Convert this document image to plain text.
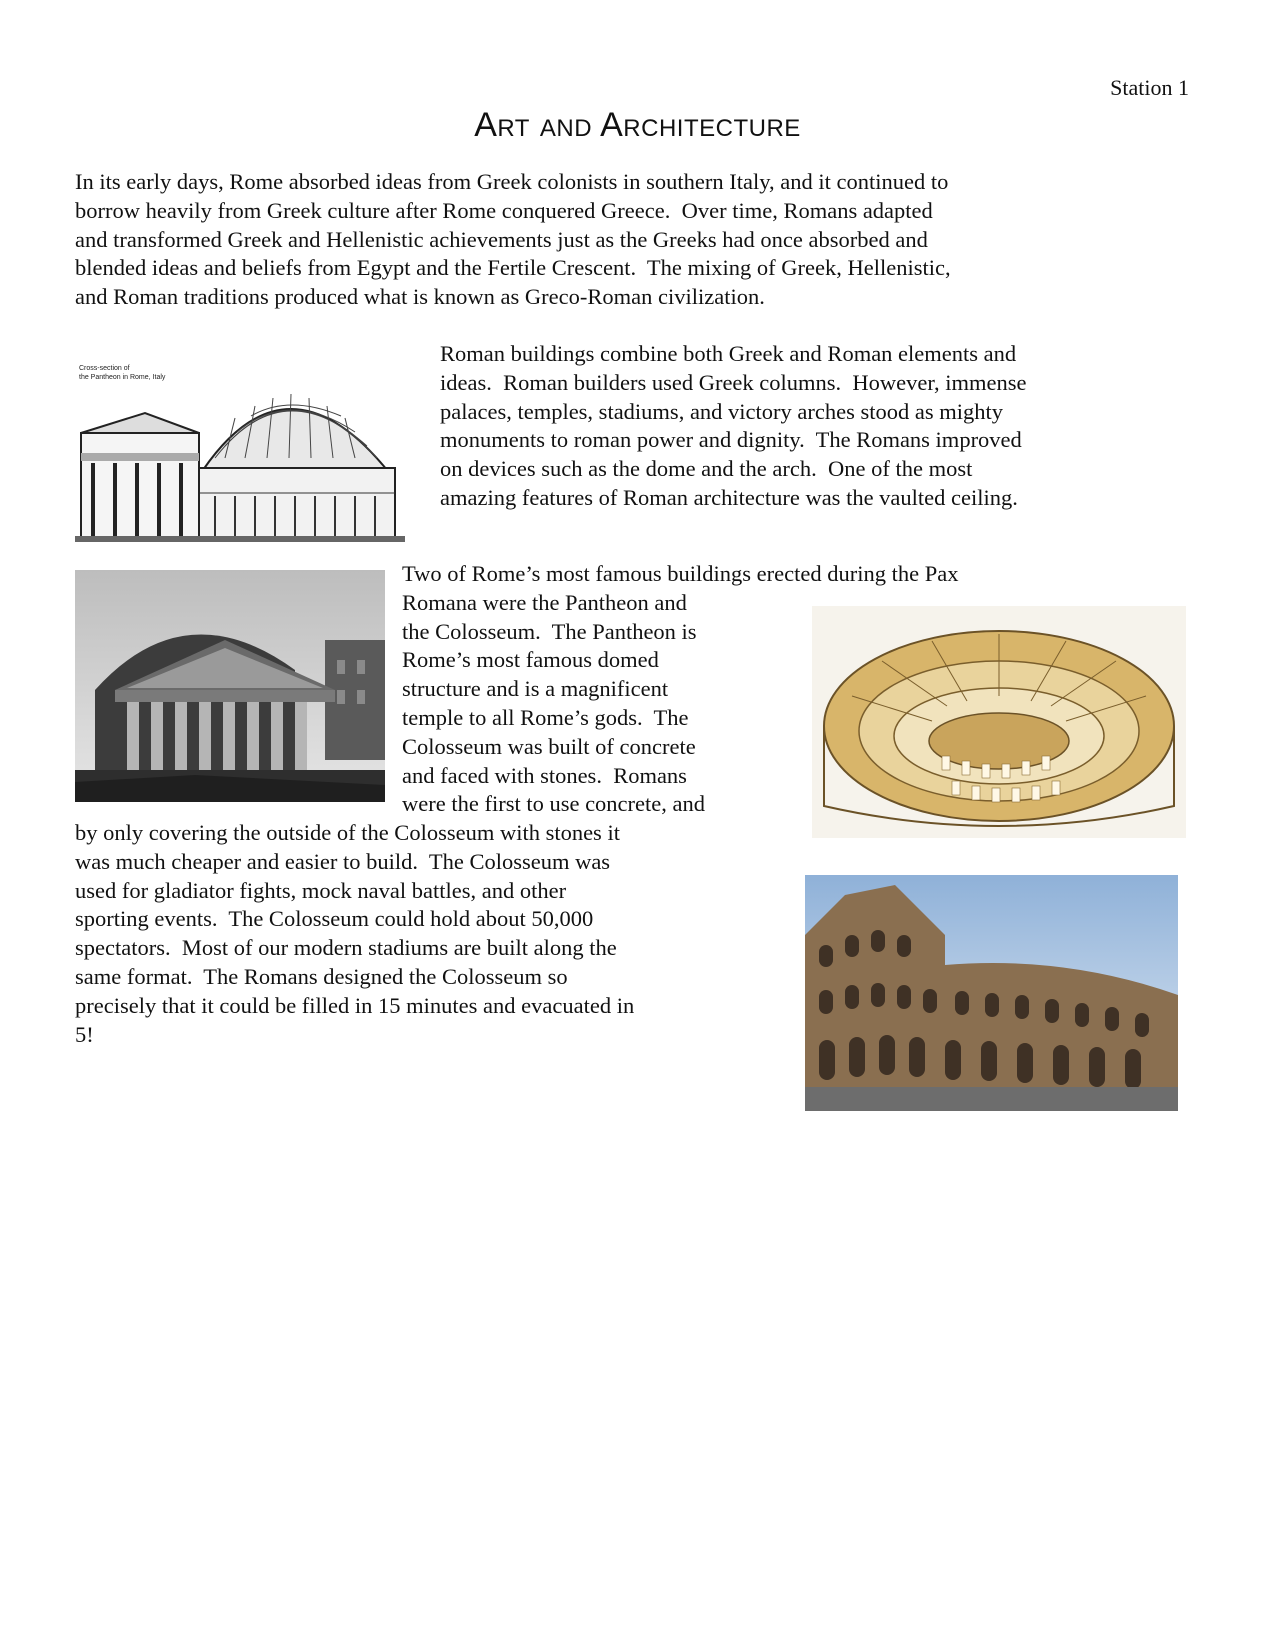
Station 1
Art and Architecture

In its early days, Rome absorbed ideas from Greek colonists in southern Italy, and it continued to
borrow heavily from Greek culture after Rome conquered Greece.  Over time, Romans adapted
and transformed Greek and Hellenistic achievements just as the Greeks had once absorbed and
blended ideas and beliefs from Egypt and the Fertile Crescent.  The mixing of Greek, Hellenistic,
and Roman traditions produced what is known as Greco-Roman civilization.

Cross-section of
the Pantheon in Rome, Italy

Roman buildings combine both Greek and Roman elements and
ideas.  Roman builders used Greek columns.  However, immense
palaces, temples, stadiums, and victory arches stood as mighty
monuments to roman power and dignity.  The Romans improved
on devices such as the dome and the arch.  One of the most
amazing features of Roman architecture was the vaulted ceiling.

Two of Rome’s most famous buildings erected during the Pax
Romana were the Pantheon and
the Colosseum.  The Pantheon is
Rome’s most famous domed
structure and is a magnificent
temple to all Rome’s gods.  The
Colosseum was built of concrete
and faced with stones.  Romans
were the first to use concrete, and

by only covering the outside of the Colosseum with stones it
was much cheaper and easier to build.  The Colosseum was
used for gladiator fights, mock naval battles, and other
sporting events.  The Colosseum could hold about 50,000
spectators.  Most of our modern stadiums are built along the
same format.  The Romans designed the Colosseum so
precisely that it could be filled in 15 minutes and evacuated in
5!
